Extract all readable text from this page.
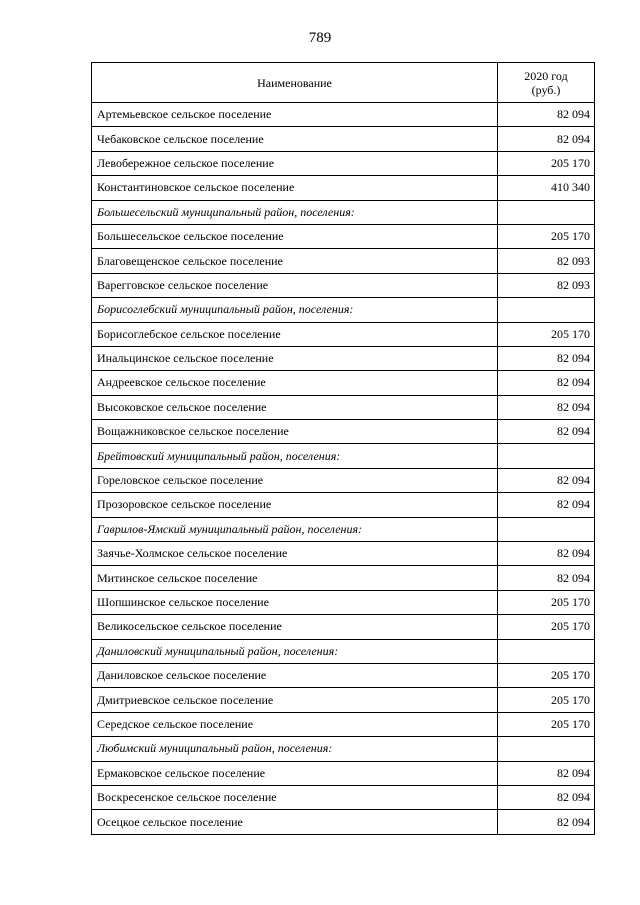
789
Наименование	2020 год
(руб.)

Артемьевское сельское поселение	82 094
Чебаковское сельское поселение	82 094
Левобережное сельское поселение	205 170
Константиновское сельское поселение	410 340
Большесельский муниципальный район, поселения:	
Большесельское сельское поселение	205 170
Благовещенское сельское поселение	82 093
Варегговское сельское поселение	82 093
Борисоглебский муниципальный район, поселения:	
Борисоглебское сельское поселение	205 170
Инальцинское сельское поселение	82 094
Андреевское сельское поселение	82 094
Высоковское сельское поселение	82 094
Вощажниковское сельское поселение	82 094
Брейтовский муниципальный район, поселения:	
Гореловское сельское поселение	82 094
Прозоровское сельское поселение	82 094
Гаврилов-Ямский муниципальный район, поселения:	
Заячье-Холмское сельское поселение	82 094
Митинское сельское поселение	82 094
Шопшинское сельское поселение	205 170
Великосельское сельское поселение	205 170
Даниловский муниципальный район, поселения:	
Даниловское сельское поселение	205 170
Дмитриевское сельское поселение	205 170
Середское сельское поселение	205 170
Любимский муниципальный район, поселения:	
Ермаковское сельское поселение	82 094
Воскресенское сельское поселение	82 094
Осецкое сельское поселение	82 094
